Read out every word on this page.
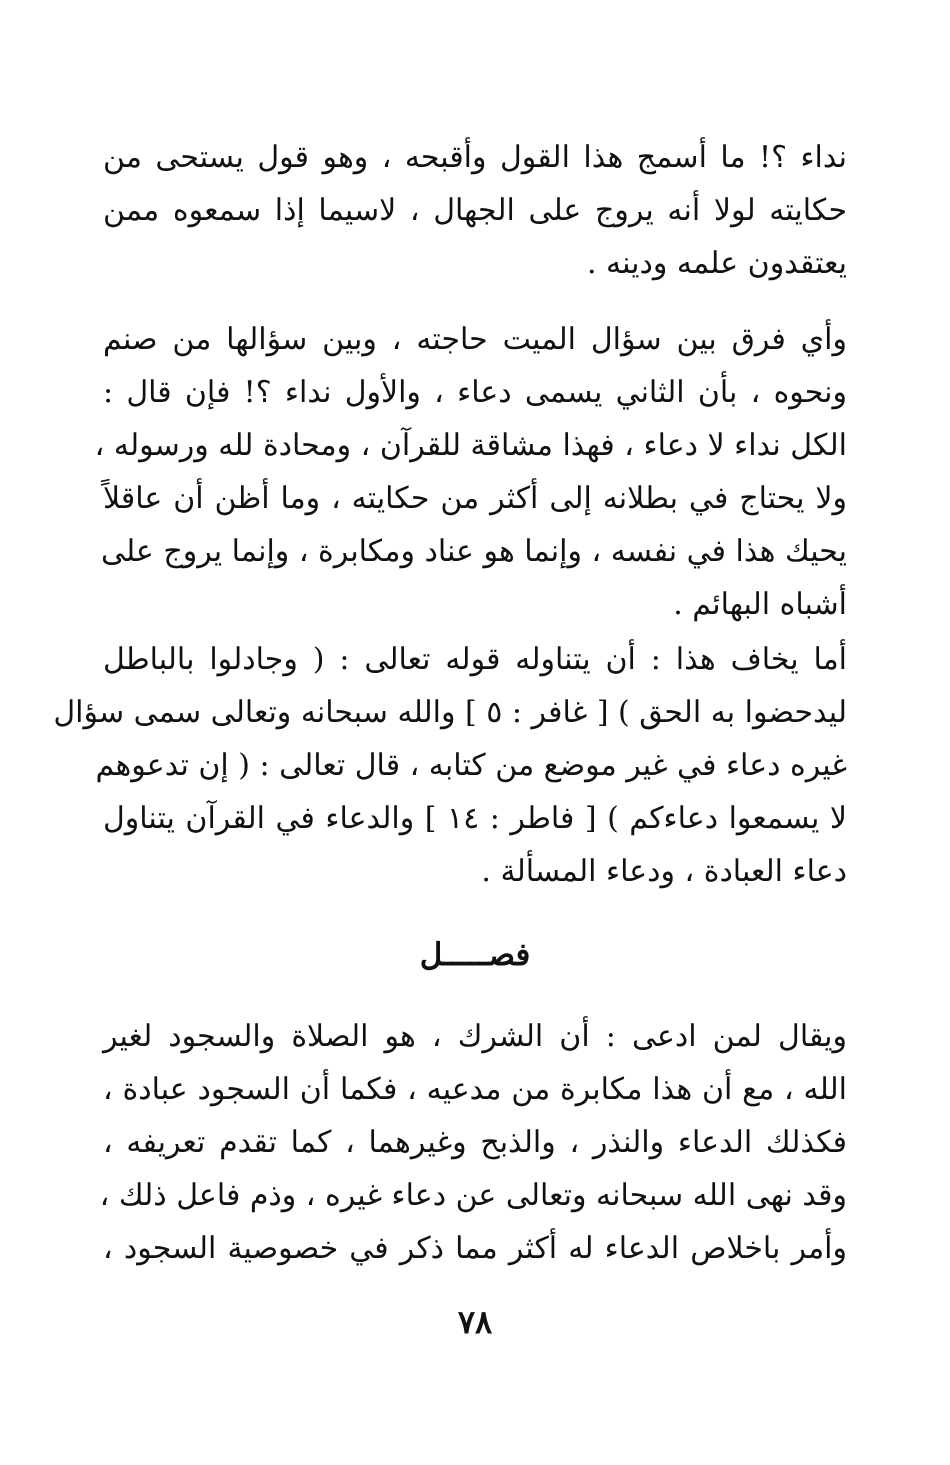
نداء ؟! ما أسمج هذا القول وأقبحه ، وهو قول يستحى من
حكايته لولا أنه يروج على الجهال ، لاسيما إذا سمعوه ممن
يعتقدون علمه ودينه .
وأي فرق بين سؤال الميت حاجته ، وبين سؤالها من صنم
ونحوه ، بأن الثاني يسمى دعاء ، والأول نداء ؟! فإن قال :
الكل نداء لا دعاء ، فهذا مشاقة للقرآن ، ومحادة لله ورسوله ،
ولا يحتاج في بطلانه إلى أكثر من حكايته ، وما أظن أن عاقلاً
يحيك هذا في نفسه ، وإنما هو عناد ومكابرة ، وإنما يروج على
أشباه البهائم .
أما يخاف هذا : أن يتناوله قوله تعالى : ( وجادلوا بالباطل
ليدحضوا به الحق ) [ غافر : ٥ ] والله سبحانه وتعالى سمى سؤال
غيره دعاء في غير موضع من كتابه ، قال تعالى : ( إن تدعوهم
لا يسمعوا دعاءكم ) [ فاطر : ١٤ ] والدعاء في القرآن يتناول
دعاء العبادة ، ودعاء المسألة .
فصـــــل
ويقال لمن ادعى : أن الشرك ، هو الصلاة والسجود لغير
الله ، مع أن هذا مكابرة من مدعيه ، فكما أن السجود عبادة ،
فكذلك الدعاء والنذر ، والذبح وغيرهما ، كما تقدم تعريفه ،
وقد نهى الله سبحانه وتعالى عن دعاء غيره ، وذم فاعل ذلك ،
وأمر باخلاص الدعاء له أكثر مما ذكر في خصوصية السجود ،
٧٨
